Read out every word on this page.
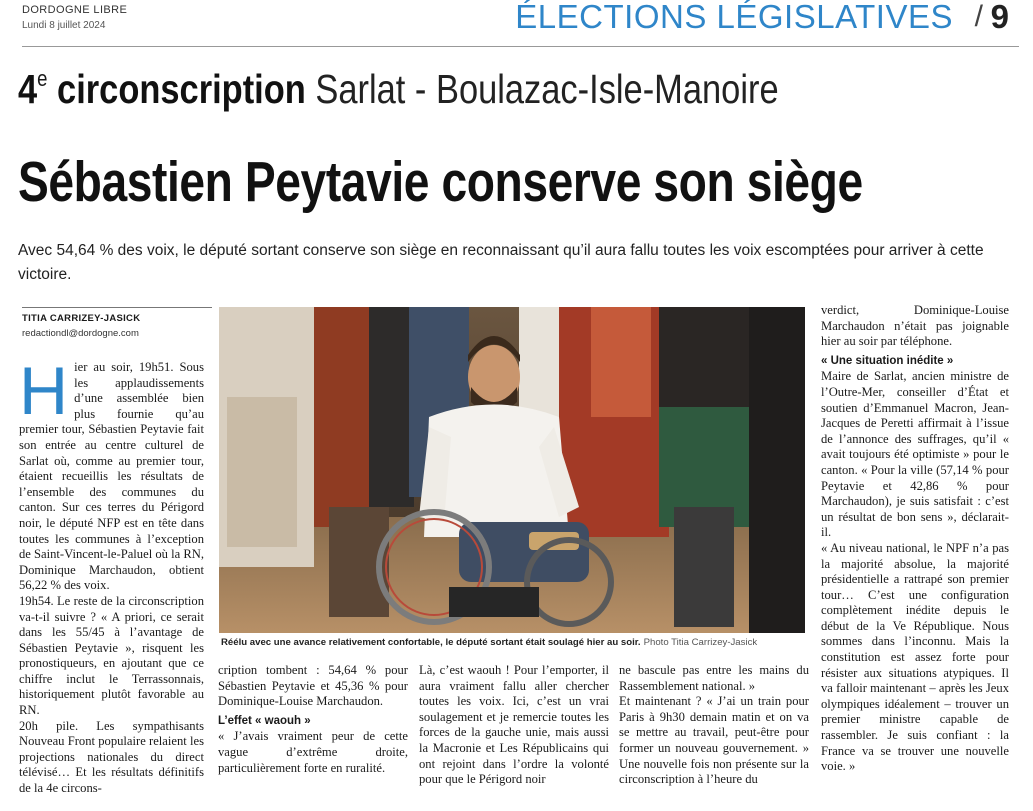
DORDOGNE LIBRE
Lundi 8 juillet 2024	ÉLECTIONS LÉGISLATIVES / 9
4e circonscription Sarlat - Boulazac-Isle-Manoire
Sébastien Peytavie conserve son siège
Avec 54,64 % des voix, le député sortant conserve son siège en reconnaissant qu’il aura fallu toutes les voix escomptées pour arriver à cette victoire.
TITIA CARRIZEY-JASICK
redactiondl@dordogne.com
H ier au soir, 19h51. Sous les applaudissements d’une assemblée bien plus fournie qu’au premier tour, Sébastien Peytavie fait son entrée au centre culturel de Sarlat où, comme au premier tour, étaient recueillis les résultats de l’ensemble des communes du canton. Sur ces terres du Périgord noir, le député NFP est en tête dans toutes les communes à l’exception de Saint-Vincent-le-Paluel où la RN, Dominique Marchaudon, obtient 56,22 % des voix.

19h54. Le reste de la circonscription va-t-il suivre ? « A priori, ce serait dans les 55/45 à l’avantage de Sébastien Peytavie », risquent les pronostiqueurs, en ajoutant que ce chiffre inclut le Terrassonnais, historiquement plutôt favorable au RN.

20h pile. Les sympathisants Nouveau Front populaire relaient les projections nationales du direct télévisé… Et les résultats définitifs de la 4e circons-

Réélu avec une avance relativement confortable, le député sortant était soulagé hier au soir. Photo Titia Carrizey-Jasick

cription tombent : 54,64 % pour Sébastien Peytavie et 45,36 % pour Dominique-Louise Marchaudon.

L’effet « waouh »

« J’avais vraiment peur de cette vague d’extrême droite, particulièrement forte en ruralité.

Là, c’est waouh ! Pour l’emporter, il aura vraiment fallu aller chercher toutes les voix. Ici, c’est un vrai soulagement et je remercie toutes les forces de la gauche unie, mais aussi la Macronie et Les Républicains qui ont rejoint dans l’ordre la volonté pour que le Périgord noir

ne bascule pas entre les mains du Rassemblement national. »

Et maintenant ? « J’ai un train pour Paris à 9h30 demain matin et on va se mettre au travail, peut-être pour former un nouveau gouvernement. » Une nouvelle fois non présente sur la circonscription à l’heure du

verdict, Dominique-Louise Marchaudon n’était pas joignable hier au soir par téléphone.

« Une situation inédite »

Maire de Sarlat, ancien ministre de l’Outre-Mer, conseiller d’État et soutien d’Emmanuel Macron, Jean-Jacques de Peretti affirmait à l’issue de l’annonce des suffrages, qu’il « avait toujours été optimiste » pour le canton. « Pour la ville (57,14 % pour Peytavie et 42,86 % pour Marchaudon), je suis satisfait : c’est un résultat de bon sens », déclarait-il.

« Au niveau national, le NPF n’a pas la majorité absolue, la majorité présidentielle a rattrapé son premier tour… C’est une configuration complètement inédite depuis le début de la Ve République. Nous sommes dans l’inconnu. Mais la constitution est assez forte pour résister aux situations atypiques. Il va falloir maintenant – après les Jeux olympiques idéalement – trouver un premier ministre capable de rassembler. Je suis confiant : la France va se trouver une nouvelle voie. »
